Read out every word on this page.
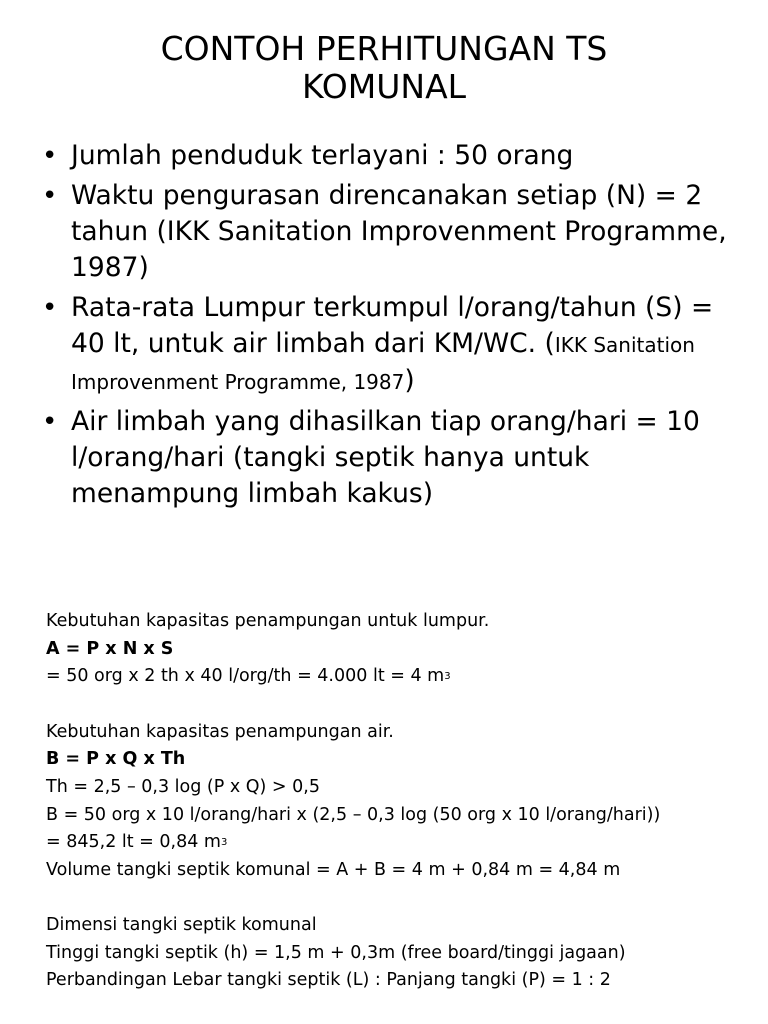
CONTOH PERHITUNGAN TS
KOMUNAL
• Jumlah penduduk terlayani : 50 orang
• Waktu pengurasan direncanakan setiap (N) = 2 tahun (IKK Sanitation Improvenment Programme, 1987)
• Rata-rata Lumpur terkumpul l/orang/tahun (S) = 40 lt, untuk air limbah dari KM/WC. (IKK Sanitation Improvenment Programme, 1987)
• Air limbah yang dihasilkan tiap orang/hari = 10 l/orang/hari (tangki septik hanya untuk menampung limbah kakus)
Kebutuhan kapasitas penampungan untuk lumpur.
A = P x N x S
= 50 org x 2 th x 40 l/org/th = 4.000 lt = 4 $m^3$
Kebutuhan kapasitas penampungan air.
B = P x Q x Th
Th = 2,5 – 0,3 log (P x Q) > 0,5
B = 50 org x 10 l/orang/hari x (2,5 – 0,3 log (50 org x 10 l/orang/hari))
= 845,2 lt = 0,84 $m^3$
Volume tangki septik komunal = A + B = 4 m + 0,84 m = 4,84 m
Dimensi tangki septik komunal
Tinggi tangki septik (h) = 1,5 m + 0,3m (free board/tinggi jagaan)
Perbandingan Lebar tangki septik (L) : Panjang tangki (P) = 1 : 2
